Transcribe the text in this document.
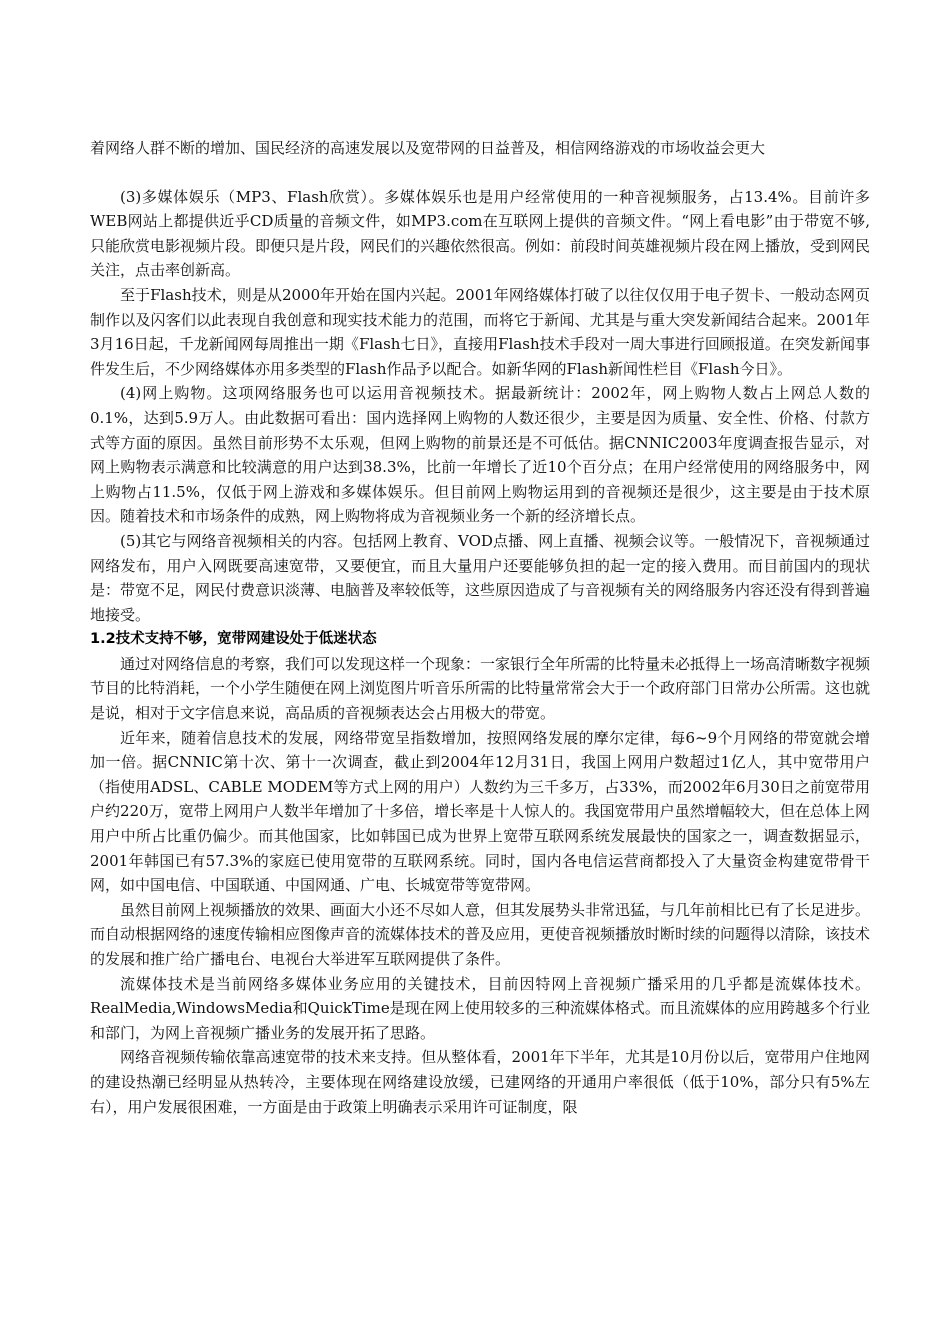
着网络人群不断的增加、国民经济的高速发展以及宽带网的日益普及，相信网络游戏的市场收益会更大

(3)多媒体娱乐（MP3、Flash欣赏）。多媒体娱乐也是用户经常使用的一种音视频服务，占13.4%。目前许多WEB网站上都提供近乎CD质量的音频文件，如MP3.com在互联网上提供的音频文件。“网上看电影”由于带宽不够,只能欣赏电影视频片段。即便只是片段，网民们的兴趣依然很高。例如：前段时间英雄视频片段在网上播放，受到网民关注，点击率创新高。

至于Flash技术，则是从2000年开始在国内兴起。2001年网络媒体打破了以往仅仅用于电子贺卡、一般动态网页制作以及闪客们以此表现自我创意和现实技术能力的范围，而将它于新闻、尤其是与重大突发新闻结合起来。2001年3月16日起，千龙新闻网每周推出一期《Flash七日》，直接用Flash技术手段对一周大事进行回顾报道。在突发新闻事件发生后，不少网络媒体亦用多类型的Flash作品予以配合。如新华网的Flash新闻性栏目《Flash今日》。

(4)网上购物。这项网络服务也可以运用音视频技术。据最新统计：2002年，网上购物人数占上网总人数的0.1%，达到5.9万人。由此数据可看出：国内选择网上购物的人数还很少，主要是因为质量、安全性、价格、付款方式等方面的原因。虽然目前形势不太乐观，但网上购物的前景还是不可低估。据CNNIC2003年度调查报告显示，对网上购物表示满意和比较满意的用户达到38.3%，比前一年增长了近10个百分点；在用户经常使用的网络服务中，网上购物占11.5%，仅低于网上游戏和多媒体娱乐。但目前网上购物运用到的音视频还是很少，这主要是由于技术原因。随着技术和市场条件的成熟，网上购物将成为音视频业务一个新的经济增长点。

(5)其它与网络音视频相关的内容。包括网上教育、VOD点播、网上直播、视频会议等。一般情况下，音视频通过网络发布，用户入网既要高速宽带，又要便宜，而且大量用户还要能够负担的起一定的接入费用。而目前国内的现状是：带宽不足，网民付费意识淡薄、电脑普及率较低等，这些原因造成了与音视频有关的网络服务内容还没有得到普遍地接受。

1.2技术支持不够，宽带网建设处于低迷状态

通过对网络信息的考察，我们可以发现这样一个现象：一家银行全年所需的比特量未必抵得上一场高清晰数字视频节目的比特消耗，一个小学生随便在网上浏览图片听音乐所需的比特量常常会大于一个政府部门日常办公所需。这也就是说，相对于文字信息来说，高品质的音视频表达会占用极大的带宽。

近年来，随着信息技术的发展，网络带宽呈指数增加，按照网络发展的摩尔定律，每6~9个月网络的带宽就会增加一倍。据CNNIC第十次、第十一次调查，截止到2004年12月31日，我国上网用户数超过1亿人，其中宽带用户（指使用ADSL、CABLE MODEM等方式上网的用户）人数约为三千多万，占33%，而2002年6月30日之前宽带用户约220万，宽带上网用户人数半年增加了十多倍，增长率是十人惊人的。我国宽带用户虽然增幅较大，但在总体上网用户中所占比重仍偏少。而其他国家，比如韩国已成为世界上宽带互联网系统发展最快的国家之一，调查数据显示，2001年韩国已有57.3%的家庭已使用宽带的互联网系统。同时，国内各电信运营商都投入了大量资金构建宽带骨干网，如中国电信、中国联通、中国网通、广电、长城宽带等宽带网。

虽然目前网上视频播放的效果、画面大小还不尽如人意，但其发展势头非常迅猛，与几年前相比已有了长足进步。而自动根据网络的速度传输相应图像声音的流媒体技术的普及应用，更使音视频播放时断时续的问题得以清除，该技术的发展和推广给广播电台、电视台大举进军互联网提供了条件。

流媒体技术是当前网络多媒体业务应用的关键技术，目前因特网上音视频广播采用的几乎都是流媒体技术。RealMedia,WindowsMedia和QuickTime是现在网上使用较多的三种流媒体格式。而且流媒体的应用跨越多个行业和部门，为网上音视频广播业务的发展开拓了思路。

网络音视频传输依靠高速宽带的技术来支持。但从整体看，2001年下半年，尤其是10月份以后，宽带用户住地网的建设热潮已经明显从热转冷，主要体现在网络建设放缓，已建网络的开通用户率很低（低于10%，部分只有5%左右），用户发展很困难，一方面是由于政策上明确表示采用许可证制度，限
